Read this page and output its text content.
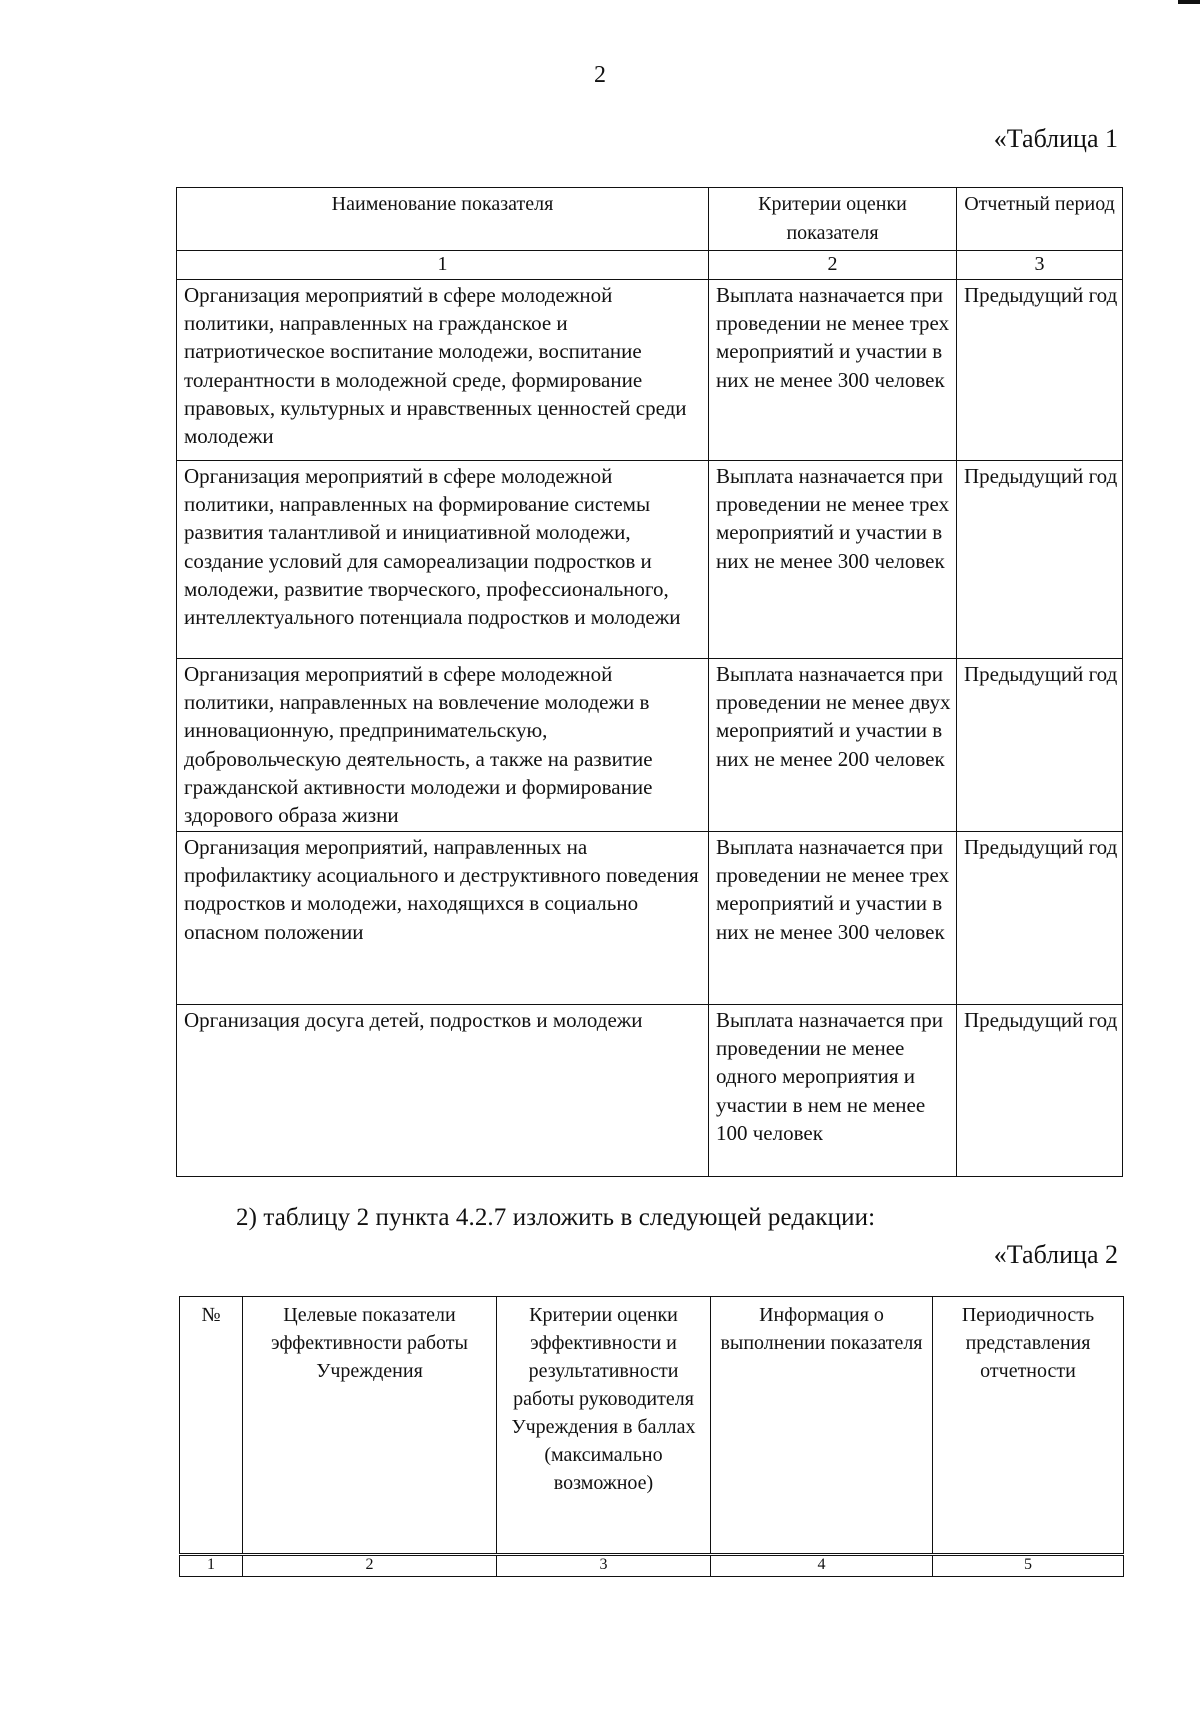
2
«Таблица 1
Наименование показателя	Критерии оценки показателя	Отчетный период
1	2	3
Организация мероприятий в сфере молодежной политики, направленных на гражданское и патриотическое воспитание молодежи, воспитание толерантности в молодежной среде, формирование правовых, культурных и нравственных ценностей среди молодежи	Выплата назначается при проведении не менее трех мероприятий и участии в них не менее 300 человек	Предыдущий год
Организация мероприятий в сфере молодежной политики, направленных на формирование системы развития талантливой и инициативной молодежи, создание условий для самореализации подростков и молодежи, развитие творческого, профессионального, интеллектуального потенциала подростков и молодежи	Выплата назначается при проведении не менее трех мероприятий и участии в них не менее 300 человек	Предыдущий год
Организация мероприятий в сфере молодежной политики, направленных на вовлечение молодежи в инновационную, предпринимательскую, добровольческую деятельность, а также на развитие гражданской активности молодежи и формирование здорового образа жизни	Выплата назначается при проведении не менее двух мероприятий и участии в них не менее 200 человек	Предыдущий год
Организация мероприятий, направленных на профилактику асоциального и деструктивного поведения подростков и молодежи, находящихся в социально опасном положении	Выплата назначается при проведении не менее трех мероприятий и участии в них не менее 300 человек	Предыдущий год
Организация досуга детей, подростков и молодежи	Выплата назначается при проведении не менее одного мероприятия и участии в нем не менее 100 человек	Предыдущий год
2) таблицу 2 пункта 4.2.7 изложить в следующей редакции:
«Таблица 2
№	Целевые показатели эффективности работы Учреждения	Критерии оценки эффективности и результативности работы руководителя Учреждения в баллах (максимально возможное)	Информация о выполнении показателя	Периодичность представления отчетности
1	2	3	4	5
